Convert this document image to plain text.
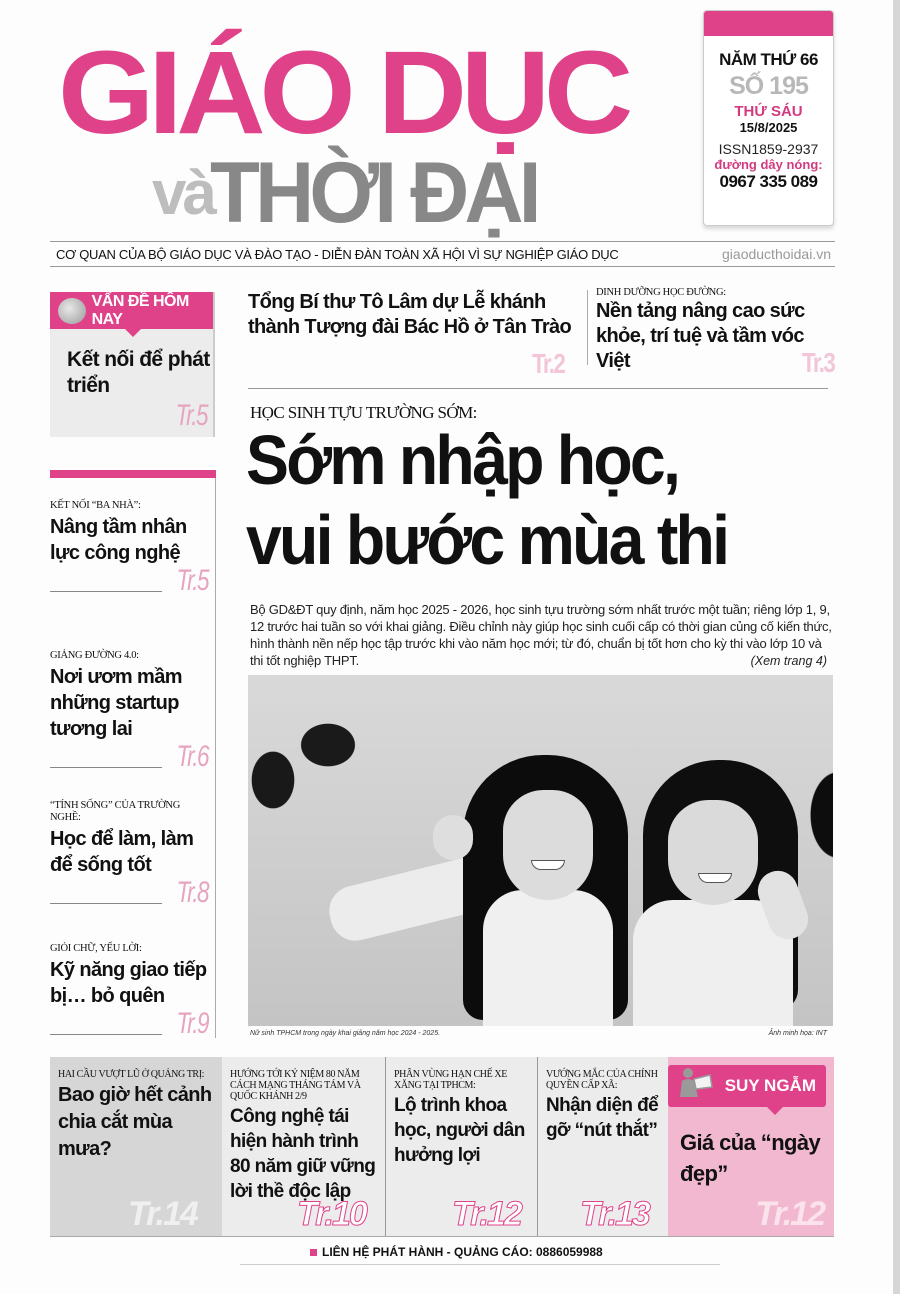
GIÁO DỤC
và
THỜI ĐẠI
NĂM THỨ 66
SỐ 195
THỨ SÁU
15/8/2025
ISSN1859-2937
đường dây nóng:
0967 335 089
CƠ QUAN CỦA BỘ GIÁO DỤC VÀ ĐÀO TẠO - DIỄN ĐÀN TOÀN XÃ HỘI VÌ SỰ NGHIỆP GIÁO DỤC	giaoducthoidai.vn
VẤN ĐỀ HÔM NAY
Kết nối để phát triển
Tr.5
KẾT NỐI “BA NHÀ”:
Nâng tầm nhân lực công nghệ
Tr.5
GIẢNG ĐƯỜNG 4.0:
Nơi ươm mầm những startup tương lai
Tr.6
“TÍNH SỐNG” CỦA TRƯỜNG NGHỀ:
Học để làm, làm để sống tốt
Tr.8
GIỎI CHỮ, YẾU LỜI:
Kỹ năng giao tiếp bị… bỏ quên
Tr.9
Tổng Bí thư Tô Lâm dự Lễ khánh thành Tượng đài Bác Hồ ở Tân Trào
Tr.2
DINH DƯỠNG HỌC ĐƯỜNG:
Nền tảng nâng cao sức khỏe, trí tuệ và tầm vóc Việt	Tr.3
HỌC SINH TỰU TRƯỜNG SỚM:
Sớm nhập học,
vui bước mùa thi
Bộ GD&ĐT quy định, năm học 2025 - 2026, học sinh tựu trường sớm nhất trước một tuần; riêng lớp 1, 9, 12 trước hai tuần so với khai giảng. Điều chỉnh này giúp học sinh cuối cấp có thời gian củng cố kiến thức, hình thành nền nếp học tập trước khi vào năm học mới; từ đó, chuẩn bị tốt hơn cho kỳ thi vào lớp 10 và thi tốt nghiệp THPT.	(Xem trang 4)
Nữ sinh TPHCM trong ngày khai giảng năm học 2024 - 2025.	Ảnh minh họa: INT
HAI CẦU VƯỢT LŨ Ở QUẢNG TRỊ:
Bao giờ hết cảnh chia cắt mùa mưa?
Tr.14
HƯỚNG TỚI KỶ NIỆM 80 NĂM CÁCH MẠNG THÁNG TÁM VÀ QUỐC KHÁNH 2/9
Công nghệ tái hiện hành trình 80 năm giữ vững lời thề độc lập
Tr.10
PHÂN VÙNG HẠN CHẾ XE XĂNG TẠI TPHCM:
Lộ trình khoa học, người dân hưởng lợi
Tr.12
VƯỚNG MẮC CỦA CHÍNH QUYỀN CẤP XÃ:
Nhận diện để gỡ “nút thắt”
Tr.13
SUY NGẪM
Giá của “ngày đẹp”
Tr.12
LIÊN HỆ PHÁT HÀNH - QUẢNG CÁO: 0886059988
